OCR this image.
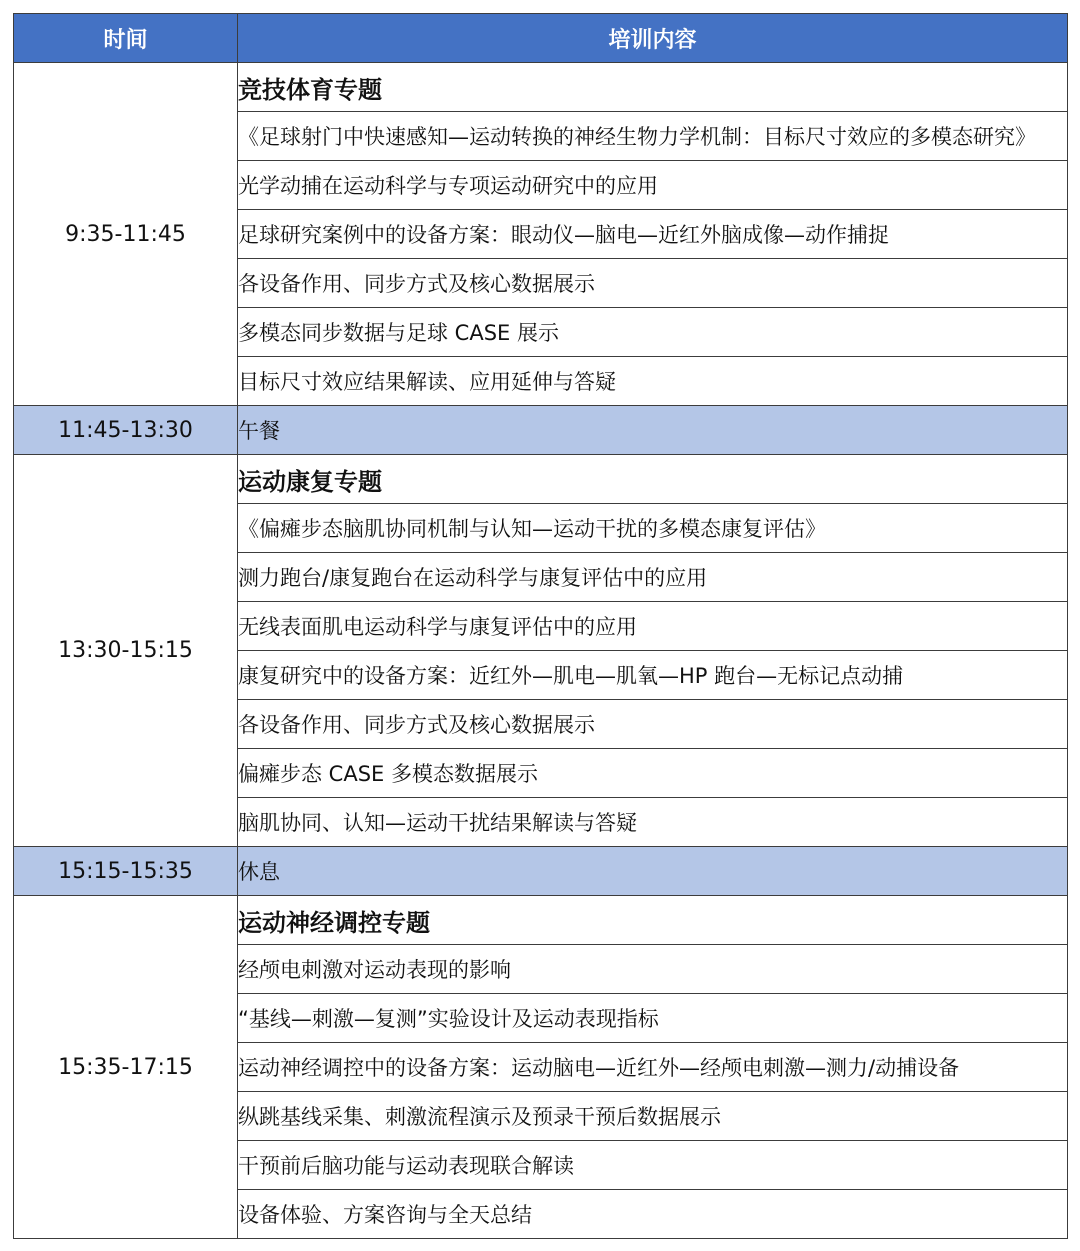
时间	培训内容
9:35-11:45	竞技体育专题
	《足球射门中快速感知—运动转换的神经生物力学机制：目标尺寸效应的多模态研究》
	光学动捕在运动科学与专项运动研究中的应用
	足球研究案例中的设备方案：眼动仪—脑电—近红外脑成像—动作捕捉
	各设备作用、同步方式及核心数据展示
	多模态同步数据与足球 CASE 展示
	目标尺寸效应结果解读、应用延伸与答疑
11:45-13:30	午餐
13:30-15:15	运动康复专题
	《偏瘫步态脑肌协同机制与认知—运动干扰的多模态康复评估》
	测力跑台/康复跑台在运动科学与康复评估中的应用
	无线表面肌电运动科学与康复评估中的应用
	康复研究中的设备方案：近红外—肌电—肌氧—HP 跑台—无标记点动捕
	各设备作用、同步方式及核心数据展示
	偏瘫步态 CASE 多模态数据展示
	脑肌协同、认知—运动干扰结果解读与答疑
15:15-15:35	休息
15:35-17:15	运动神经调控专题
	经颅电刺激对运动表现的影响
	“基线—刺激—复测”实验设计及运动表现指标
	运动神经调控中的设备方案：运动脑电—近红外—经颅电刺激—测力/动捕设备
	纵跳基线采集、刺激流程演示及预录干预后数据展示
	干预前后脑功能与运动表现联合解读
	设备体验、方案咨询与全天总结
